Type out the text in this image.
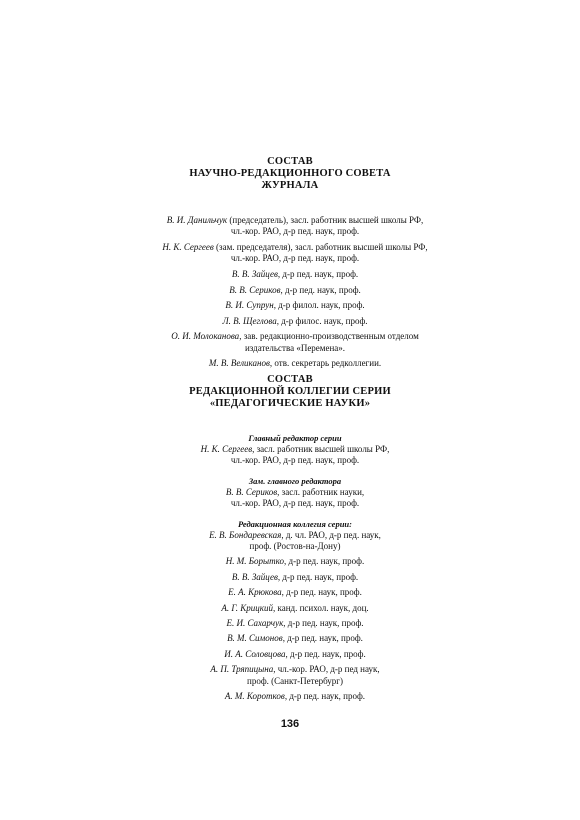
СОСТАВ
НАУЧНО-РЕДАКЦИОННОГО СОВЕТА
ЖУРНАЛА
В. И. Данильчук (председатель), засл. работник высшей школы РФ,
чл.-кор. РАО, д-р пед. наук, проф.
Н. К. Сергеев (зам. председателя), засл. работник высшей школы РФ,
чл.-кор. РАО, д-р пед. наук, проф.
В. В. Зайцев, д-р пед. наук, проф.
В. В. Сериков, д-р пед. наук, проф.
В. И. Супрун, д-р филол. наук, проф.
Л. В. Щеглова, д-р филос. наук, проф.
О. И. Молоканова, зав. редакционно-производственным отделом
издательства «Перемена».
М. В. Великанов, отв. секретарь редколлегии.
СОСТАВ
РЕДАКЦИОННОЙ КОЛЛЕГИИ СЕРИИ
«ПЕДАГОГИЧЕСКИЕ НАУКИ»
Главный редактор серии
Н. К. Сергеев, засл. работник высшей школы РФ,
чл.-кор. РАО, д-р пед. наук, проф.
Зам. главного редактора
В. В. Сериков, засл. работник науки,
чл.-кор. РАО, д-р пед. наук, проф.
Редакционная коллегия серии:
Е. В. Бондаревская, д. чл. РАО, д-р пед. наук,
проф. (Ростов-на-Дону)
Н. М. Борытко, д-р пед. наук, проф.
В. В. Зайцев, д-р пед. наук, проф.
Е. А. Крюкова, д-р пед. наук, проф.
А. Г. Крицкий, канд. психол. наук, доц.
Е. И. Сахарчук, д-р пед. наук, проф.
В. М. Симонов, д-р пед. наук, проф.
И. А. Соловцова, д-р пед. наук, проф.
А. П. Тряпицына, чл.-кор. РАО, д-р пед наук,
проф. (Санкт-Петербург)
А. М. Коротков, д-р пед. наук, проф.
136
